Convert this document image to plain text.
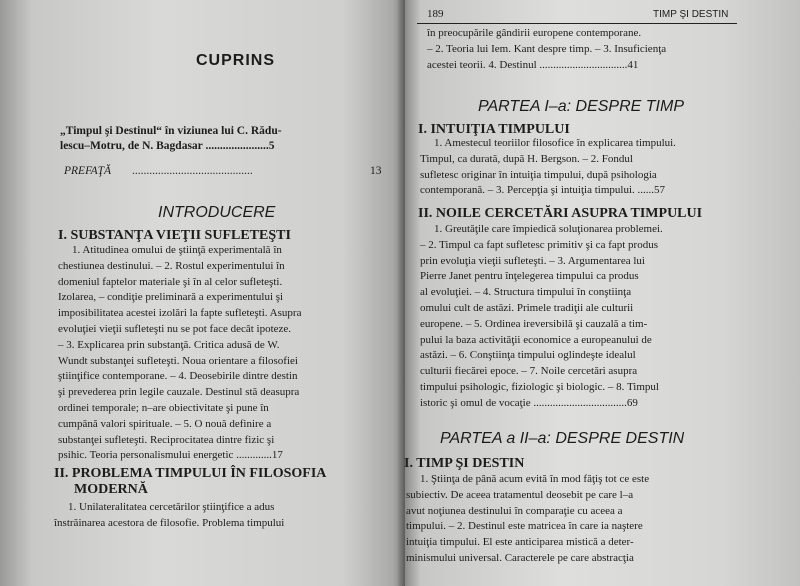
CUPRINS
„Timpul şi Destinul“ în viziunea lui C. Rădu-
lescu–Motru, de N. Bagdasar ......................5
PREFAŢĂ ..........................................	13
INTRODUCERE
I. SUBSTANŢA VIEŢII SUFLETEŞTI
1. Atitudinea omului de ştiinţă experimentală în
chestiunea destinului. – 2. Rostul experimentului în
domeniul faptelor materiale şi în al celor sufleteşti.
Izolarea, – condiţie preliminară a experimentului şi
imposibilitatea acestei izolări la fapte sufleteşti. Asupra
evoluţiei vieţii sufleteşti nu se pot face decât ipoteze.
– 3. Explicarea prin substanţă. Critica adusă de W.
Wundt substanţei sufleteşti. Noua orientare a filosofiei
ştiinţifice contemporane. – 4. Deosebirile dintre destin
şi prevederea prin legile cauzale. Destinul stă deasupra
ordinei temporale; n–are obiectivitate şi pune în
cumpănă valori spirituale. – 5. O nouă definire a
substanţei sufleteşti. Reciprocitatea dintre fizic şi
psihic. Teoria personalismului energetic .............17
II. PROBLEMA TIMPULUI ÎN FILOSOFIA
MODERNĂ
1. Unilateralitatea cercetărilor ştiinţifice a adus
înstrăinarea acestora de filosofie. Problema timpului
189	TIMP ŞI DESTIN
în preocupările gândirii europene contemporane.
– 2. Teoria lui Iem. Kant despre timp. – 3. Insuficienţa
acestei teorii. 4. Destinul ................................41
PARTEA I–a: DESPRE TIMP
I. INTUIŢIA TIMPULUI
1. Amestecul teoriilor filosofice în explicarea timpului.
Timpul, ca durată, după H. Bergson. – 2. Fondul
sufletesc originar în intuiţia timpului, după psihologia
contemporană. – 3. Percepţia şi intuiţia timpului. ......57
II. NOILE CERCETĂRI ASUPRA TIMPULUI
1. Greutăţile care împiedică soluţionarea problemei.
– 2. Timpul ca fapt sufletesc primitiv şi ca fapt produs
prin evoluţia vieţii sufleteşti. – 3. Argumentarea lui
Pierre Janet pentru înţelegerea timpului ca produs
al evoluţiei. – 4. Structura timpului în conştiinţa
omului cult de astăzi. Primele tradiţii ale culturii
europene. – 5. Ordinea ireversibilă şi cauzală a tim-
pului la baza activităţii economice a europeanului de
astăzi. – 6. Conştiinţa timpului oglindeşte idealul
culturii fiecărei epoce. – 7. Noile cercetări asupra
timpului psihologic, fiziologic şi biologic. – 8. Timpul
istoric şi omul de vocaţie ..................................69
PARTEA a II–a: DESPRE DESTIN
I. TIMP ŞI DESTIN
1. Ştiinţa de până acum evită în mod făţiş tot ce este
subiectiv. De aceea tratamentul deosebit pe care l–a
avut noţiunea destinului în comparaţie cu aceea a
timpului. – 2. Destinul este matricea în care ia naştere
intuiţia timpului. El este anticiparea mistică a deter-
minismului universal. Caracterele pe care abstracţia
